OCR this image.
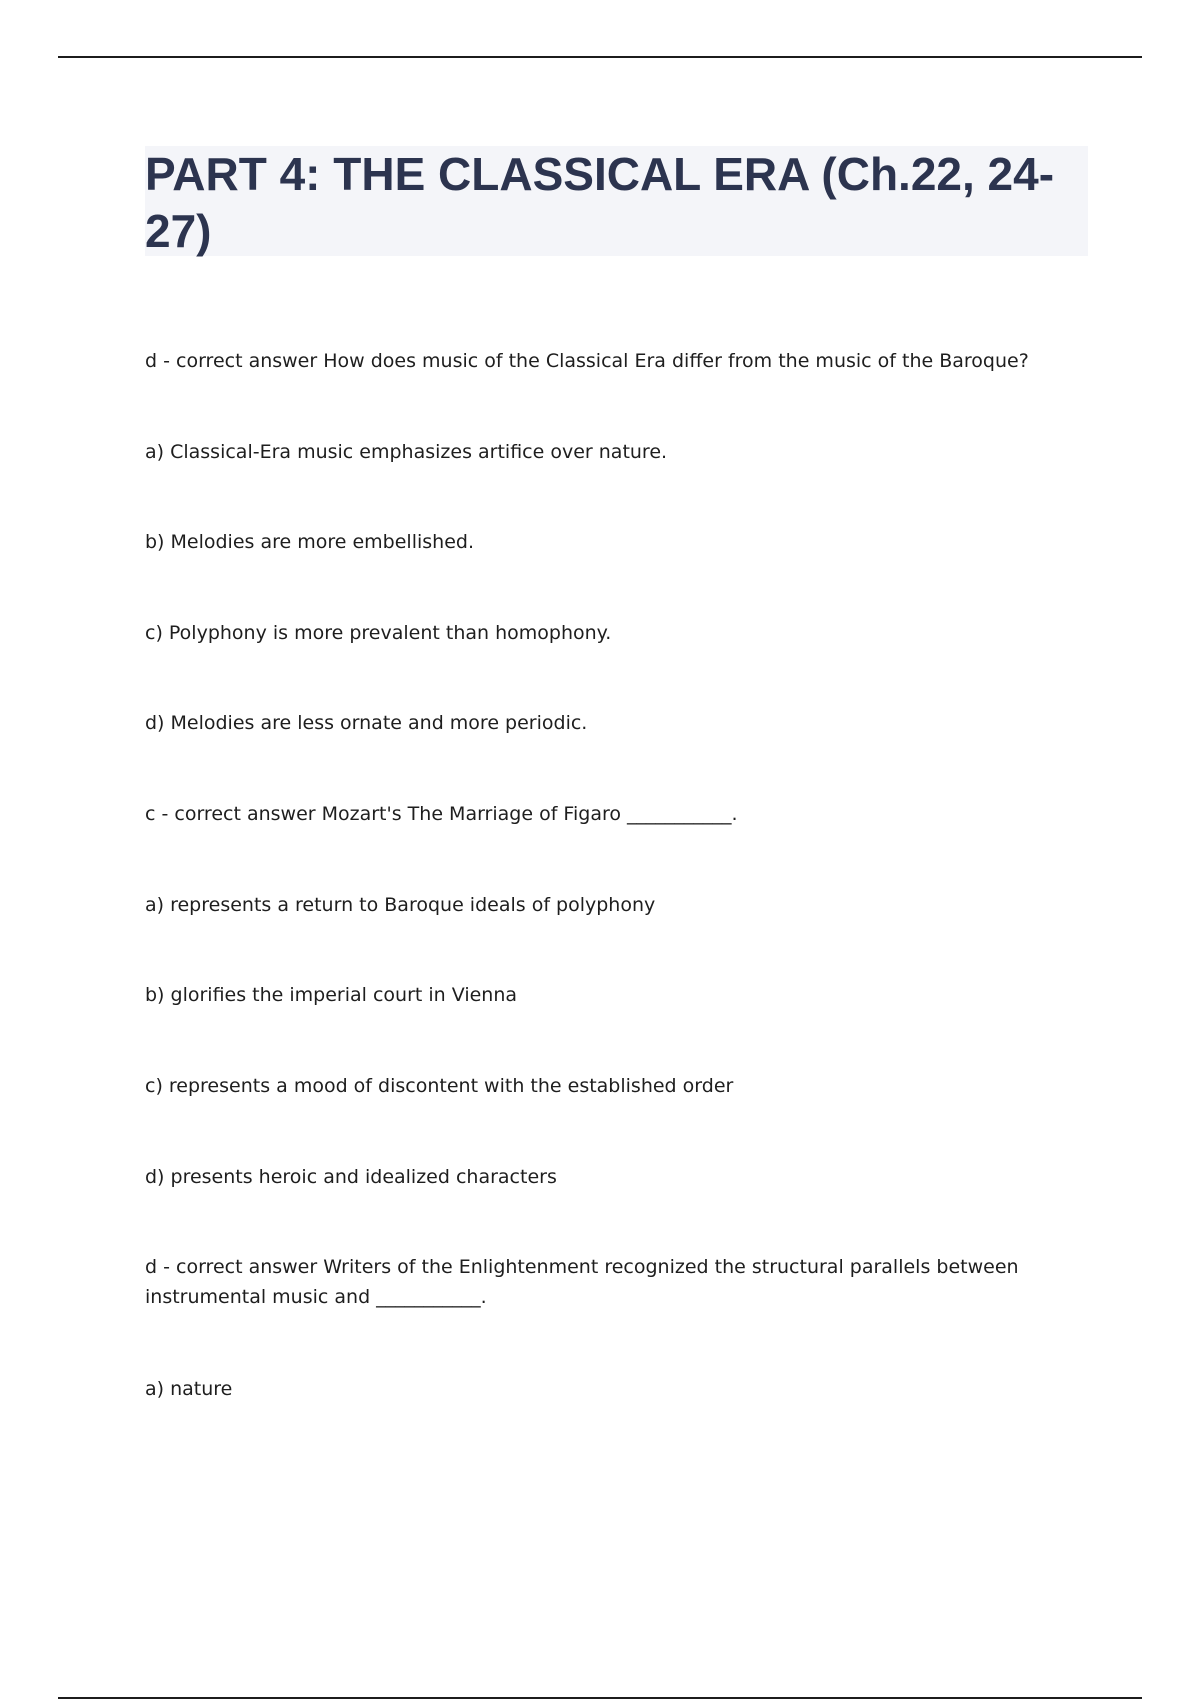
PART 4: THE CLASSICAL ERA (Ch.22, 24-27)

d - correct answer How does music of the Classical Era differ from the music of the Baroque?

a) Classical-Era music emphasizes artifice over nature.

b) Melodies are more embellished.

c) Polyphony is more prevalent than homophony.

d) Melodies are less ornate and more periodic.

c - correct answer Mozart's The Marriage of Figaro ___________.

a) represents a return to Baroque ideals of polyphony

b) glorifies the imperial court in Vienna

c) represents a mood of discontent with the established order

d) presents heroic and idealized characters

d - correct answer Writers of the Enlightenment recognized the structural parallels between instrumental music and ___________.

a) nature
